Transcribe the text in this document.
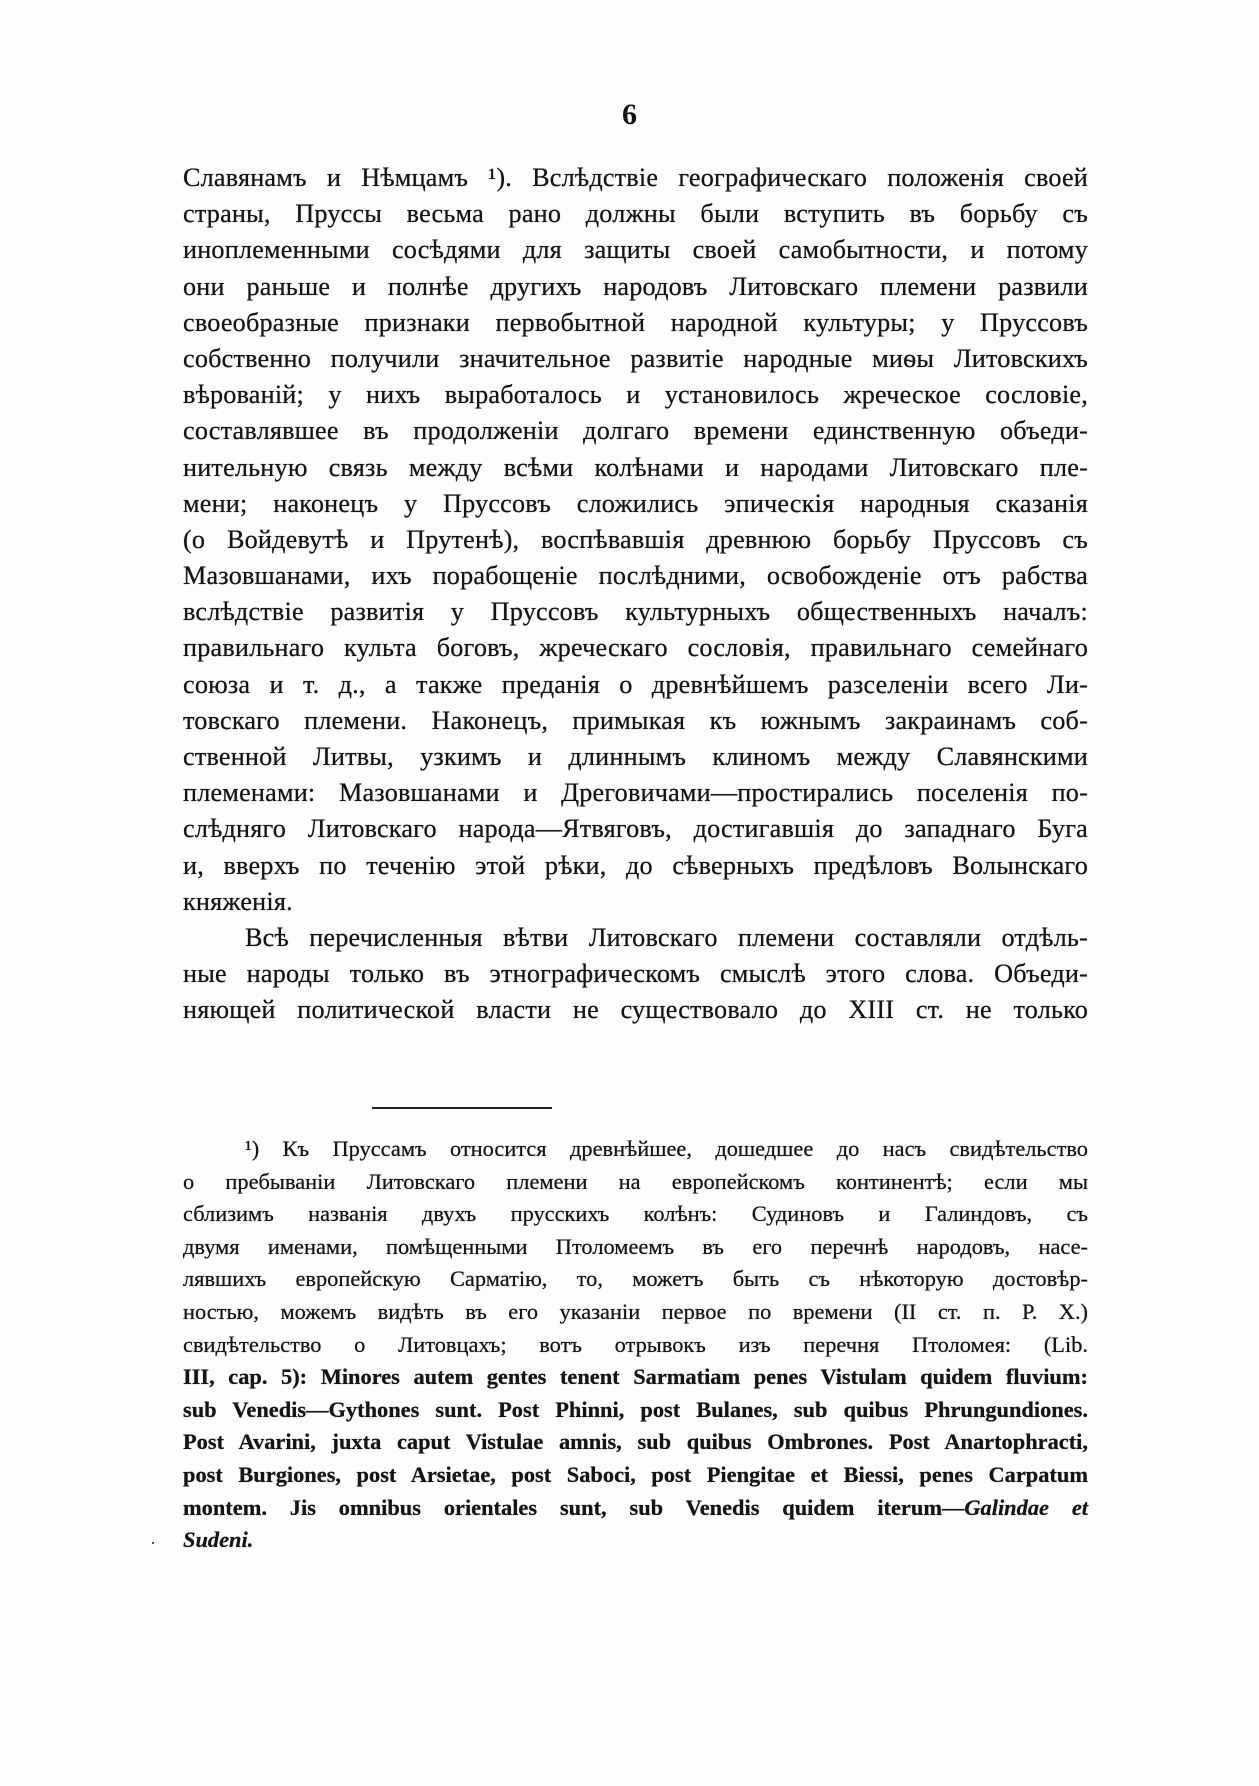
6
Славянамъ и Нѣмцамъ ¹). Вслѣдствіе географическаго положенія своей
страны, Пруссы весьма рано должны были вступить въ борьбу съ
иноплеменными сосѣдями для защиты своей самобытности, и потому
они раньше и полнѣе другихъ народовъ Литовскаго племени развили
своеобразные признаки первобытной народной культуры; у Пруссовъ
собственно получили значительное развитіе народные миѳы Литовскихъ
вѣрованій; у нихъ выработалось и установилось жреческое сословіе,
составлявшее въ продолженіи долгаго времени единственную объеди-
нительную связь между всѣми колѣнами и народами Литовскаго пле-
мени; наконецъ у Пруссовъ сложились эпическія народныя сказанія
(о Войдевутѣ и Прутенѣ), воспѣвавшія древнюю борьбу Пруссовъ съ
Мазовшанами, ихъ порабощеніе послѣдними, освобожденіе отъ рабства
вслѣдствіе развитія у Пруссовъ культурныхъ общественныхъ началъ:
правильнаго культа боговъ, жреческаго сословія, правильнаго семейнаго
союза и т. д., а также преданія о древнѣйшемъ разселеніи всего Ли-
товскаго племени. Наконецъ, примыкая къ южнымъ закраинамъ соб-
ственной Литвы, узкимъ и длиннымъ клиномъ между Славянскими
племенами: Мазовшанами и Дреговичами—простирались поселенія по-
слѣдняго Литовскаго народа—Ятвяговъ, достигавшія до западнаго Буга
и, вверхъ по теченію этой рѣки, до сѣверныхъ предѣловъ Волынскаго
княженія.
Всѣ перечисленныя вѣтви Литовскаго племени составляли отдѣль-
ные народы только въ этнографическомъ смыслѣ этого слова. Объеди-
няющей политической власти не существовало до XIII ст. не только
¹) Къ Пруссамъ относится древнѣйшее, дошедшее до насъ свидѣтельство
о пребываніи Литовскаго племени на европейскомъ континентѣ; если мы
сблизимъ названія двухъ прусскихъ колѣнъ: Судиновъ и Галиндовъ, съ
двумя именами, помѣщенными Птоломеемъ въ его перечнѣ народовъ, насе-
лявшихъ европейскую Сарматію, то, можетъ быть съ нѣкоторую достовѣр-
ностью, можемъ видѣть въ его указаніи первое по времени (II ст. п. Р. Х.)
свидѣтельство о Литовцахъ; вотъ отрывокъ изъ перечня Птоломея: (Lib.
III, cap. 5): Minores autem gentes tenent Sarmatiam penes Vistulam quidem fluvium:
sub Venedis—Gythones sunt. Post Phinni, post Bulanes, sub quibus Phrungundiones.
Post Avarini, juxta caput Vistulae amnis, sub quibus Ombrones. Post Anartophracti,
post Burgiones, post Arsietae, post Saboci, post Piengitae et Biessi, penes Carpatum
montem. Jis omnibus orientales sunt, sub Venedis quidem iterum—Galindae et
Sudeni.
·
